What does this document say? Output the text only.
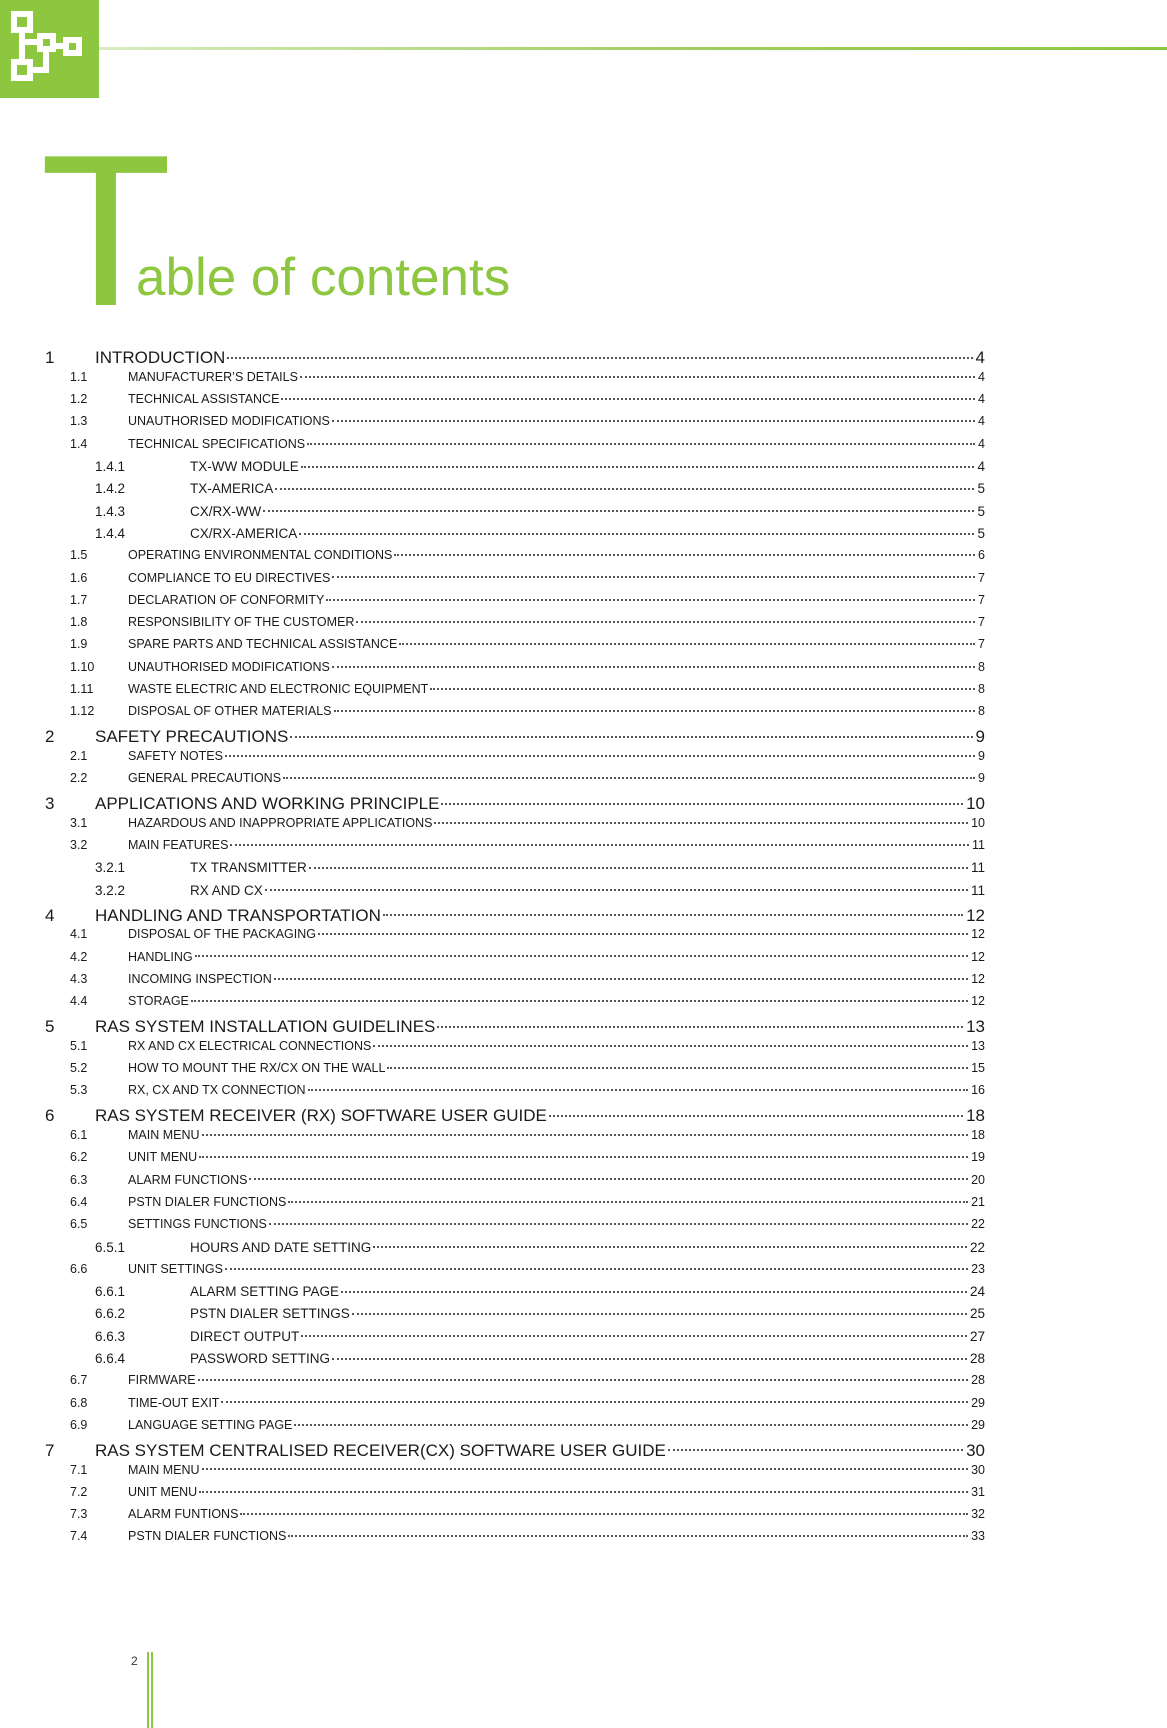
T
able of contents
1	INTRODUCTION	4
1.1	MANUFACTURER’S DETAILS	4
1.2	TECHNICAL ASSISTANCE	4
1.3	UNAUTHORISED MODIFICATIONS	4
1.4	TECHNICAL SPECIFICATIONS	4
1.4.1	TX-WW MODULE	4
1.4.2	TX-AMERICA	5
1.4.3	CX/RX-WW	5
1.4.4	CX/RX-AMERICA	5
1.5	OPERATING ENVIRONMENTAL CONDITIONS	6
1.6	COMPLIANCE TO EU DIRECTIVES	7
1.7	DECLARATION OF CONFORMITY	7
1.8	RESPONSIBILITY OF THE CUSTOMER	7
1.9	SPARE PARTS AND TECHNICAL ASSISTANCE	7
1.10	UNAUTHORISED MODIFICATIONS	8
1.11	WASTE ELECTRIC AND ELECTRONIC EQUIPMENT	8
1.12	DISPOSAL OF OTHER MATERIALS	8
2	SAFETY PRECAUTIONS	9
2.1	SAFETY NOTES	9
2.2	GENERAL PRECAUTIONS	9
3	APPLICATIONS AND WORKING PRINCIPLE	10
3.1	HAZARDOUS AND INAPPROPRIATE APPLICATIONS	10
3.2	MAIN FEATURES	11
3.2.1	TX TRANSMITTER	11
3.2.2	RX AND CX	11
4	HANDLING AND TRANSPORTATION	12
4.1	DISPOSAL OF THE PACKAGING	12
4.2	HANDLING	12
4.3	INCOMING INSPECTION	12
4.4	STORAGE	12
5	RAS SYSTEM INSTALLATION GUIDELINES	13
5.1	RX AND CX ELECTRICAL CONNECTIONS	13
5.2	HOW TO MOUNT THE RX/CX ON THE WALL	15
5.3	RX, CX AND TX CONNECTION	16
6	RAS SYSTEM RECEIVER (RX) SOFTWARE USER GUIDE	18
6.1	MAIN MENU	18
6.2	UNIT MENU	19
6.3	ALARM FUNCTIONS	20
6.4	PSTN DIALER FUNCTIONS	21
6.5	SETTINGS FUNCTIONS	22
6.5.1	HOURS AND DATE SETTING	22
6.6	UNIT SETTINGS	23
6.6.1	ALARM SETTING PAGE	24
6.6.2	PSTN DIALER SETTINGS	25
6.6.3	DIRECT OUTPUT	27
6.6.4	PASSWORD SETTING	28
6.7	FIRMWARE	28
6.8	TIME-OUT EXIT	29
6.9	LANGUAGE SETTING PAGE	29
7	RAS SYSTEM CENTRALISED RECEIVER(CX) SOFTWARE USER GUIDE	30
7.1	MAIN MENU	30
7.2	UNIT MENU	31
7.3	ALARM FUNTIONS	32
7.4	PSTN DIALER FUNCTIONS	33
2
